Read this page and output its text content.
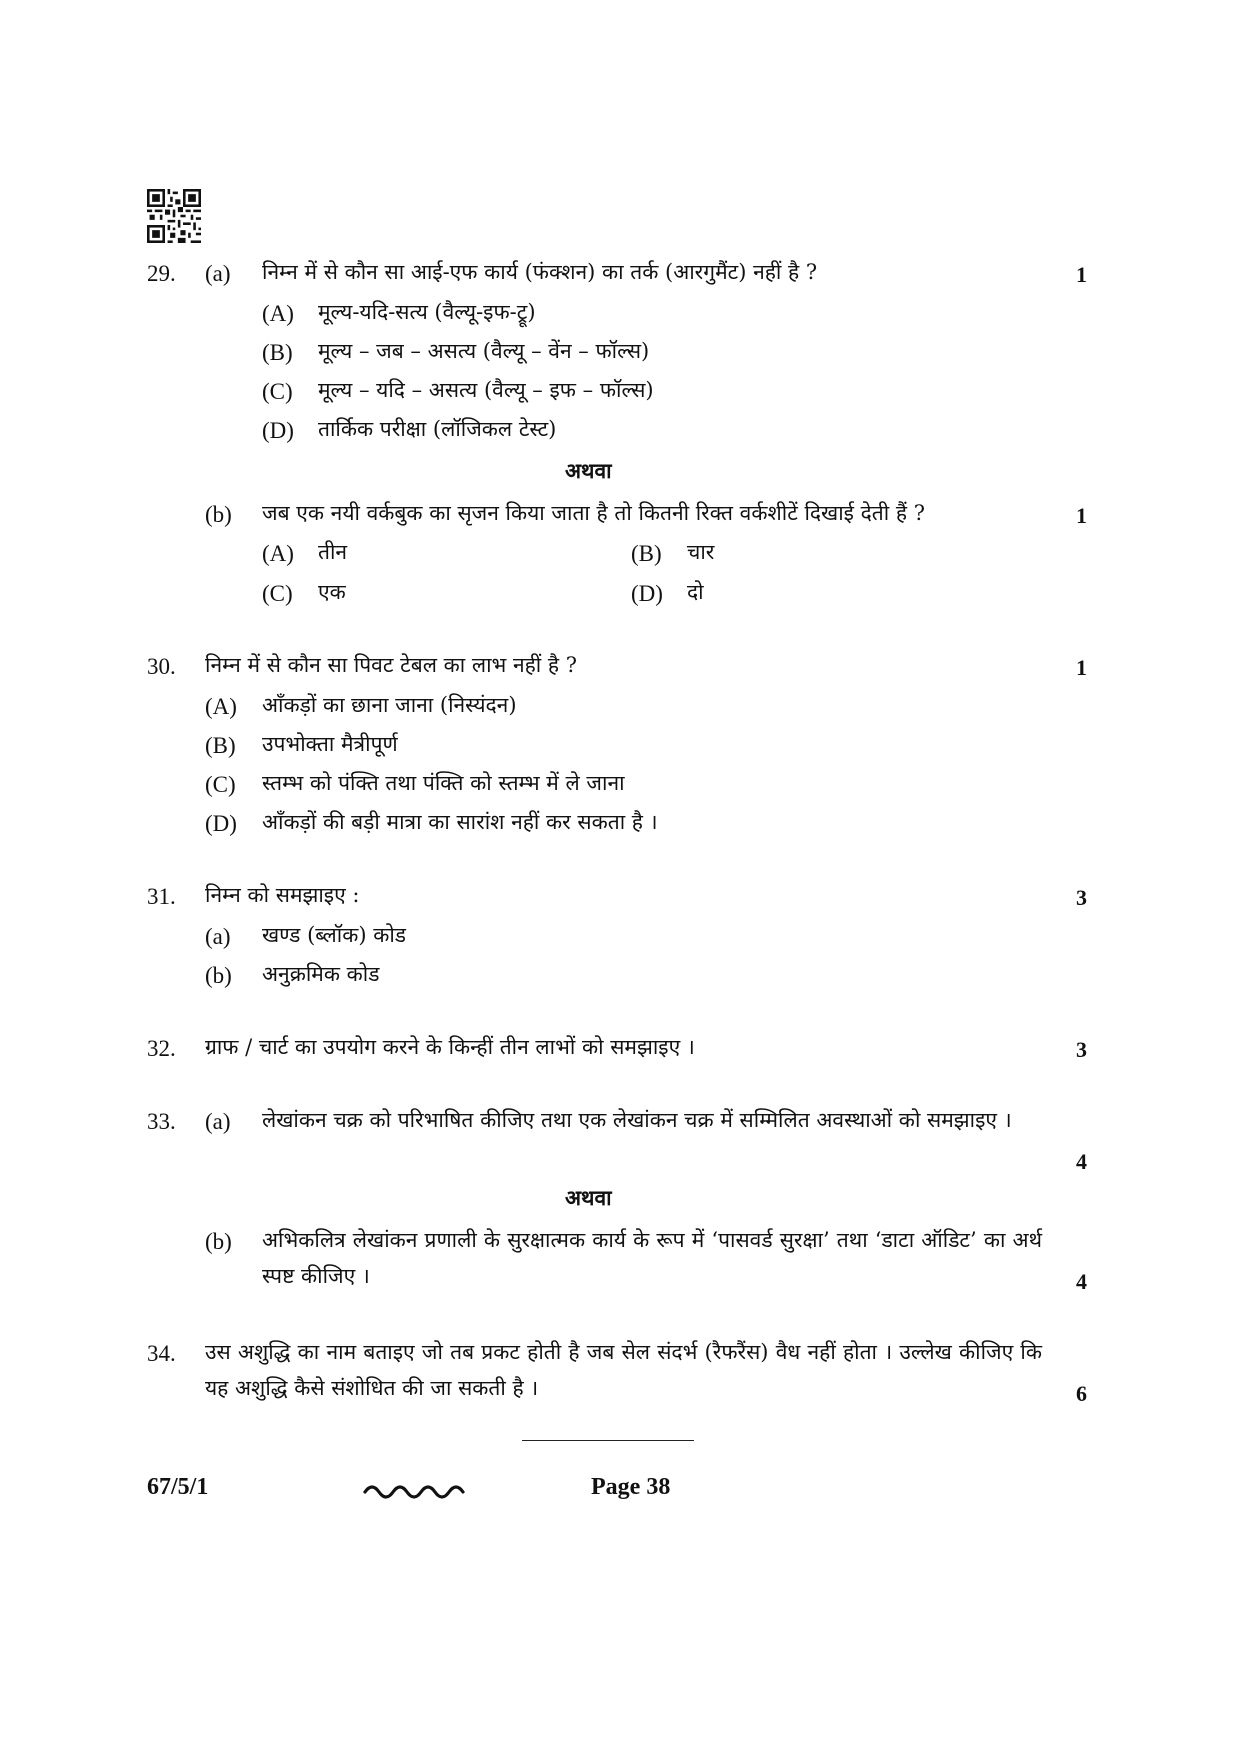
29. (a) निम्न में से कौन सा आई-एफ कार्य (फंक्शन) का तर्क (आरगुमैंट) नहीं है ?	1
(A) मूल्य-यदि-सत्य (वैल्यू-इफ-ट्रू)
(B) मूल्य – जब – असत्य (वैल्यू – वेंन – फॉल्स)
(C) मूल्य – यदि – असत्य (वैल्यू – इफ – फॉल्स)
(D) तार्किक परीक्षा (लॉजिकल टेस्ट)
अथवा
(b) जब एक नयी वर्कबुक का सृजन किया जाता है तो कितनी रिक्त वर्कशीटें दिखाई देती हैं ?	1
(A) तीन	(B) चार
(C) एक	(D) दो
30. निम्न में से कौन सा पिवट टेबल का लाभ नहीं है ?	1
(A) आँकड़ों का छाना जाना (निस्यंदन)
(B) उपभोक्ता मैत्रीपूर्ण
(C) स्तम्भ को पंक्ति तथा पंक्ति को स्तम्भ में ले जाना
(D) आँकड़ों की बड़ी मात्रा का सारांश नहीं कर सकता है ।
31. निम्न को समझाइए :	3
(a) खण्ड (ब्लॉक) कोड
(b) अनुक्रमिक कोड
32. ग्राफ / चार्ट का उपयोग करने के किन्हीं तीन लाभों को समझाइए ।	3
33. (a) लेखांकन चक्र को परिभाषित कीजिए तथा एक लेखांकन चक्र में सम्मिलित अवस्थाओं को समझाइए ।
4
अथवा
(b) अभिकलित्र लेखांकन प्रणाली के सुरक्षात्मक कार्य के रूप में ‘पासवर्ड सुरक्षा’ तथा ‘डाटा ऑडिट’ का अर्थ स्पष्ट कीजिए ।	4
34. उस अशुद्धि का नाम बताइए जो तब प्रकट होती है जब सेल संदर्भ (रैफरैंस) वैध नहीं होता । उल्लेख कीजिए कि यह अशुद्धि कैसे संशोधित की जा सकती है ।	6
67/5/1	Page 38
